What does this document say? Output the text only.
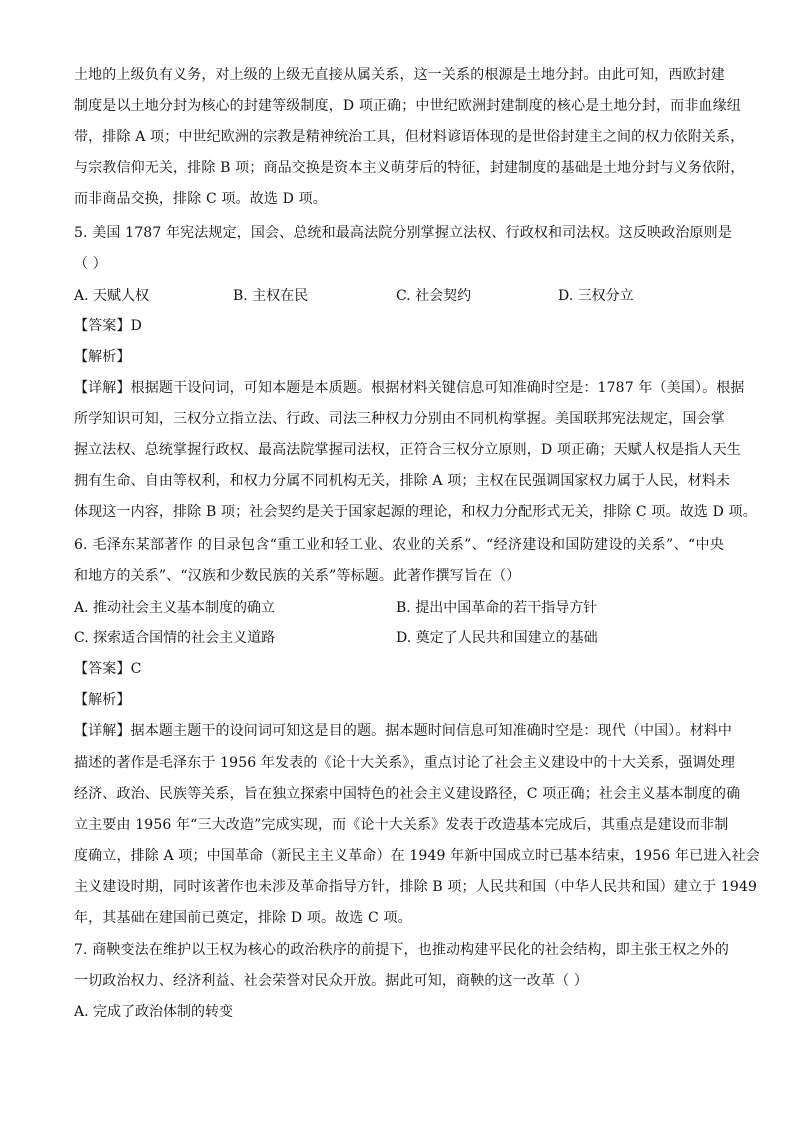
土地的上级负有义务，对上级的上级无直接从属关系，这一关系的根源是土地分封。由此可知，西欧封建
制度是以土地分封为核心的封建等级制度，D 项正确；中世纪欧洲封建制度的核心是土地分封，而非血缘纽
带，排除 A 项；中世纪欧洲的宗教是精神统治工具，但材料谚语体现的是世俗封建主之间的权力依附关系，
与宗教信仰无关，排除 B 项；商品交换是资本主义萌芽后的特征，封建制度的基础是土地分封与义务依附，
而非商品交换，排除 C 项。故选 D 项。
5. 美国 1787 年宪法规定，国会、总统和最高法院分别掌握立法权、行政权和司法权。这反映政治原则是
（ ）
A. 天赋人权	B. 主权在民	C. 社会契约	D. 三权分立
【答案】D
【解析】
【详解】根据题干设问词，可知本题是本质题。根据材料关键信息可知准确时空是：1787 年（美国）。根据
所学知识可知，三权分立指立法、行政、司法三种权力分别由不同机构掌握。美国联邦宪法规定，国会掌
握立法权、总统掌握行政权、最高法院掌握司法权，正符合三权分立原则，D 项正确；天赋人权是指人天生
拥有生命、自由等权利，和权力分属不同机构无关，排除 A 项；主权在民强调国家权力属于人民，材料未
体现这一内容，排除 B 项；社会契约是关于国家起源的理论，和权力分配形式无关，排除 C 项。故选 D 项。
6. 毛泽东某部著作 的目录包含“重工业和轻工业、农业的关系”、“经济建设和国防建设的关系”、“中央
和地方的关系”、“汉族和少数民族的关系”等标题。此著作撰写旨在（）
A. 推动社会主义基本制度的确立	B. 提出中国革命的若干指导方针
C. 探索适合国情的社会主义道路	D. 奠定了人民共和国建立的基础
【答案】C
【解析】
【详解】据本题主题干的设问词可知这是目的题。据本题时间信息可知准确时空是：现代（中国）。材料中
描述的著作是毛泽东于 1956 年发表的《论十大关系》，重点讨论了社会主义建设中的十大关系，强调处理
经济、政治、民族等关系，旨在独立探索中国特色的社会主义建设路径，C 项正确；社会主义基本制度的确
立主要由 1956 年“三大改造”完成实现，而《论十大关系》发表于改造基本完成后，其重点是建设而非制
度确立，排除 A 项；中国革命（新民主主义革命）在 1949 年新中国成立时已基本结束，1956 年已进入社会
主义建设时期，同时该著作也未涉及革命指导方针，排除 B 项；人民共和国（中华人民共和国）建立于 1949
年，其基础在建国前已奠定，排除 D 项。故选 C 项。
7. 商鞅变法在维护以王权为核心的政治秩序的前提下，也推动构建平民化的社会结构，即主张王权之外的
一切政治权力、经济利益、社会荣誉对民众开放。据此可知，商鞅的这一改革（ ）
A. 完成了政治体制的转变
